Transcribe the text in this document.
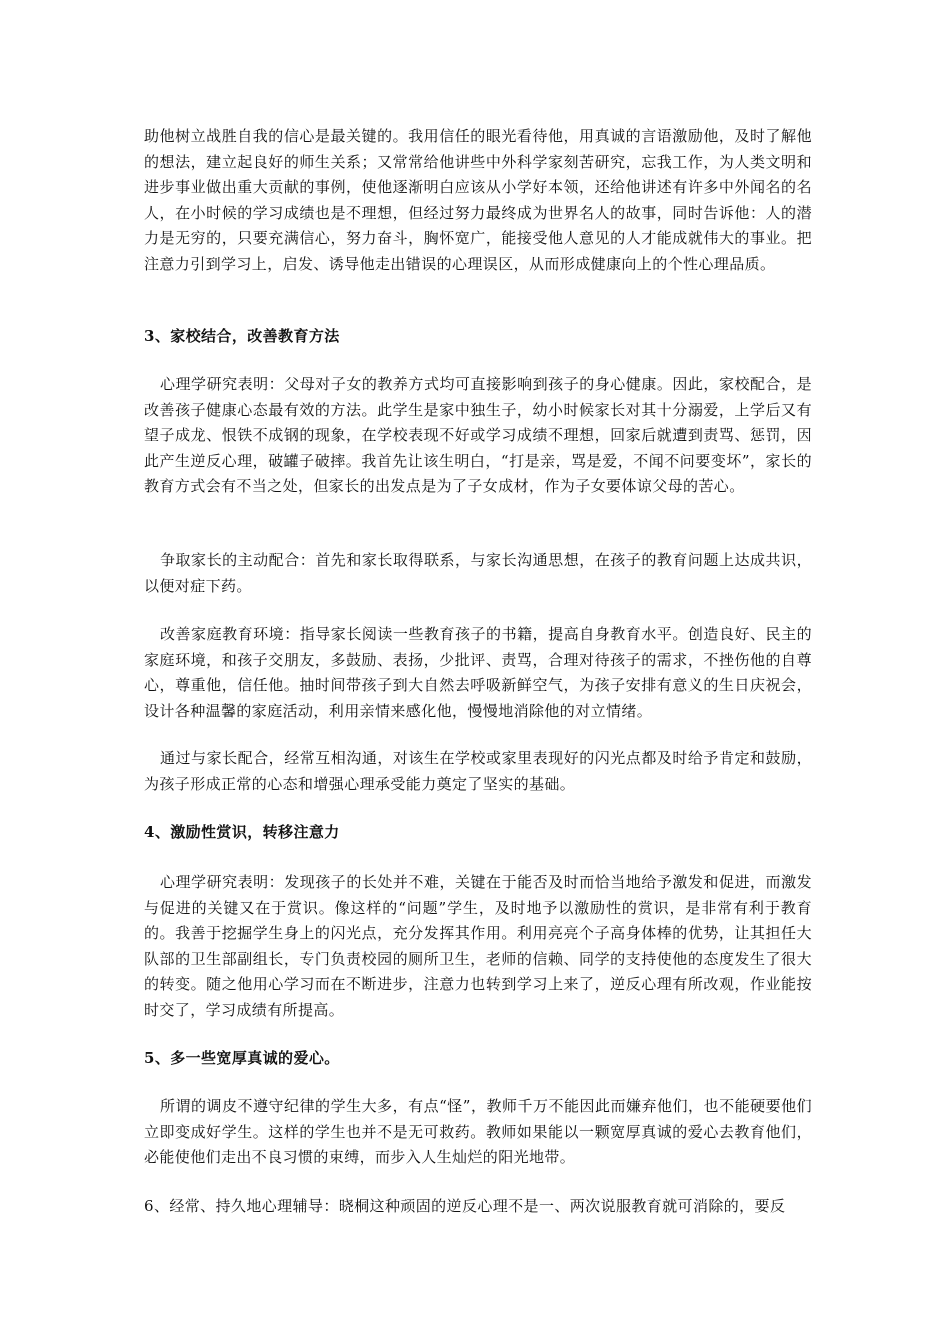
助他树立战胜自我的信心是最关键的。我用信任的眼光看待他，用真诚的言语激励他，及时了解他的想法，建立起良好的师生关系；又常常给他讲些中外科学家刻苦研究，忘我工作，为人类文明和进步事业做出重大贡献的事例，使他逐渐明白应该从小学好本领，还给他讲述有许多中外闻名的名人，在小时候的学习成绩也是不理想，但经过努力最终成为世界名人的故事，同时告诉他：人的潜力是无穷的，只要充满信心，努力奋斗，胸怀宽广，能接受他人意见的人才能成就伟大的事业。把注意力引到学习上，启发、诱导他走出错误的心理误区，从而形成健康向上的个性心理品质。

3、家校结合，改善教育方法

心理学研究表明：父母对子女的教养方式均可直接影响到孩子的身心健康。因此，家校配合，是改善孩子健康心态最有效的方法。此学生是家中独生子，幼小时候家长对其十分溺爱，上学后又有望子成龙、恨铁不成钢的现象，在学校表现不好或学习成绩不理想，回家后就遭到责骂、惩罚，因此产生逆反心理，破罐子破摔。我首先让该生明白，“打是亲，骂是爱，不闻不问要变坏”，家长的教育方式会有不当之处，但家长的出发点是为了子女成材，作为子女要体谅父母的苦心。

争取家长的主动配合：首先和家长取得联系，与家长沟通思想，在孩子的教育问题上达成共识，以便对症下药。

改善家庭教育环境：指导家长阅读一些教育孩子的书籍，提高自身教育水平。创造良好、民主的家庭环境，和孩子交朋友，多鼓励、表扬，少批评、责骂，合理对待孩子的需求，不挫伤他的自尊心，尊重他，信任他。抽时间带孩子到大自然去呼吸新鲜空气，为孩子安排有意义的生日庆祝会，设计各种温馨的家庭活动，利用亲情来感化他，慢慢地消除他的对立情绪。

通过与家长配合，经常互相沟通，对该生在学校或家里表现好的闪光点都及时给予肯定和鼓励，为孩子形成正常的心态和增强心理承受能力奠定了坚实的基础。

4、激励性赏识，转移注意力

心理学研究表明：发现孩子的长处并不难，关键在于能否及时而恰当地给予激发和促进，而激发与促进的关键又在于赏识。像这样的“问题”学生，及时地予以激励性的赏识，是非常有利于教育的。我善于挖掘学生身上的闪光点，充分发挥其作用。利用亮亮个子高身体棒的优势，让其担任大队部的卫生部副组长，专门负责校园的厕所卫生，老师的信赖、同学的支持使他的态度发生了很大的转变。随之他用心学习而在不断进步，注意力也转到学习上来了，逆反心理有所改观，作业能按时交了，学习成绩有所提高。

5、多一些宽厚真诚的爱心。

所谓的调皮不遵守纪律的学生大多，有点“怪”，教师千万不能因此而嫌弃他们，也不能硬要他们立即变成好学生。这样的学生也并不是无可救药。教师如果能以一颗宽厚真诚的爱心去教育他们，必能使他们走出不良习惯的束缚，而步入人生灿烂的阳光地带。

6、经常、持久地心理辅导：晓桐这种顽固的逆反心理不是一、两次说服教育就可消除的，要反
